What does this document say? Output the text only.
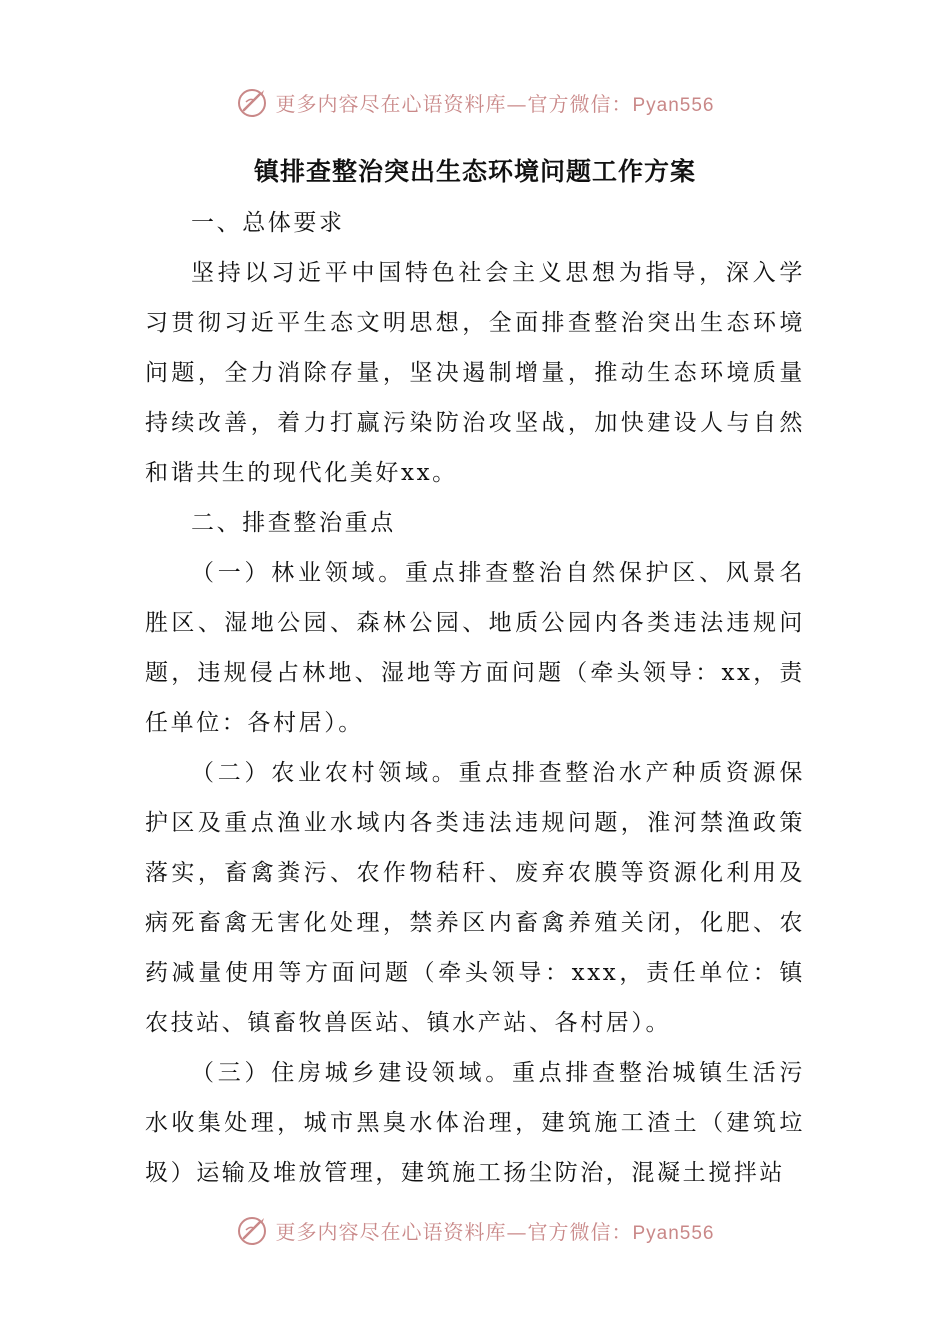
更多内容尽在心语资料库—官方微信：Pyan556
镇排查整治突出生态环境问题工作方案

一、总体要求

坚持以习近平中国特色社会主义思想为指导，深入学习贯彻习近平生态文明思想，全面排查整治突出生态环境问题，全力消除存量，坚决遏制增量，推动生态环境质量持续改善，着力打赢污染防治攻坚战，加快建设人与自然和谐共生的现代化美好xx。

二、排查整治重点

（一）林业领域。重点排查整治自然保护区、风景名胜区、湿地公园、森林公园、地质公园内各类违法违规问题，违规侵占林地、湿地等方面问题（牵头领导：xx，责任单位：各村居）。

（二）农业农村领域。重点排查整治水产种质资源保护区及重点渔业水域内各类违法违规问题，淮河禁渔政策落实，畜禽粪污、农作物秸秆、废弃农膜等资源化利用及病死畜禽无害化处理，禁养区内畜禽养殖关闭，化肥、农药减量使用等方面问题（牵头领导：xxx，责任单位：镇农技站、镇畜牧兽医站、镇水产站、各村居）。

（三）住房城乡建设领域。重点排查整治城镇生活污水收集处理，城市黑臭水体治理，建筑施工渣土（建筑垃圾）运输及堆放管理，建筑施工扬尘防治，混凝土搅拌站

更多内容尽在心语资料库—官方微信：Pyan556
